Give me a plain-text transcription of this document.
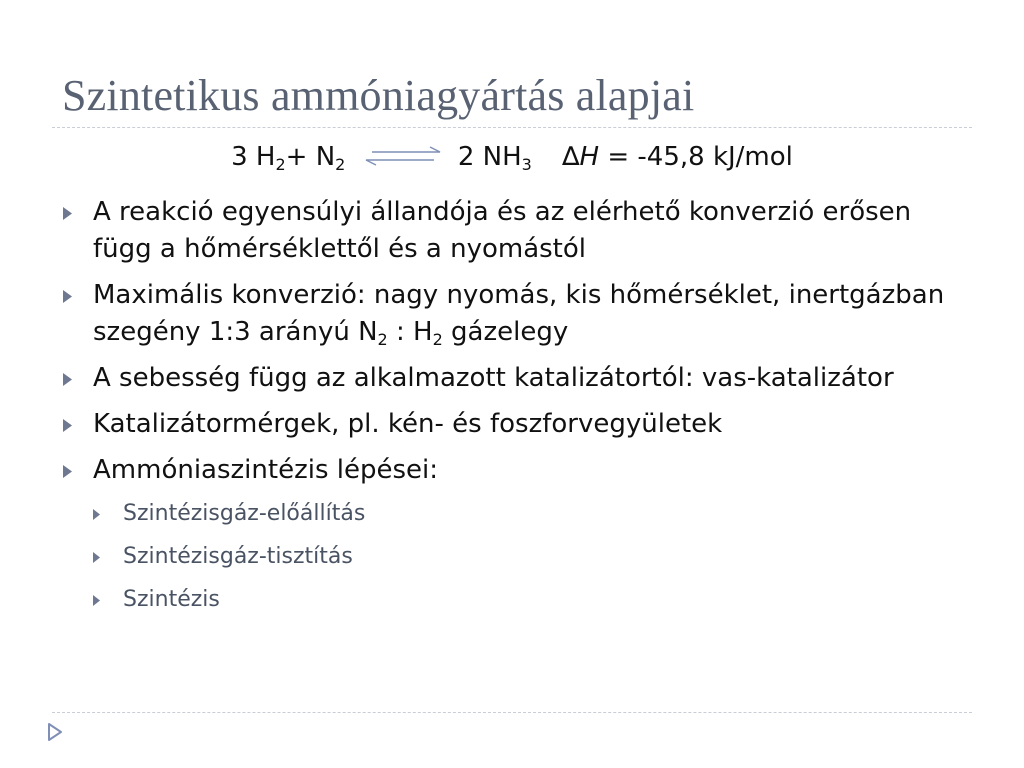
Szintetikus ammóniagyártás alapjai
3 $H_2+ N_2$ ⇌ 2 $NH_3$ ∆H = -45,8 kJ/mol
A reakció egyensúlyi állandója és az elérhető konverzió erősen függ a hőmérséklettől és a nyomástól
Maximális konverzió: nagy nyomás, kis hőmérséklet, inertgázban szegény 1:3 arányú $N_2$ : $H_2$ gázelegy
A sebesség függ az alkalmazott katalizátortól: vas-katalizátor
Katalizátormérgek, pl. kén- és foszforvegyületek
Ammóniaszintézis lépései:
Szintézisgáz-előállítás
Szintézisgáz-tisztítás
Szintézis
